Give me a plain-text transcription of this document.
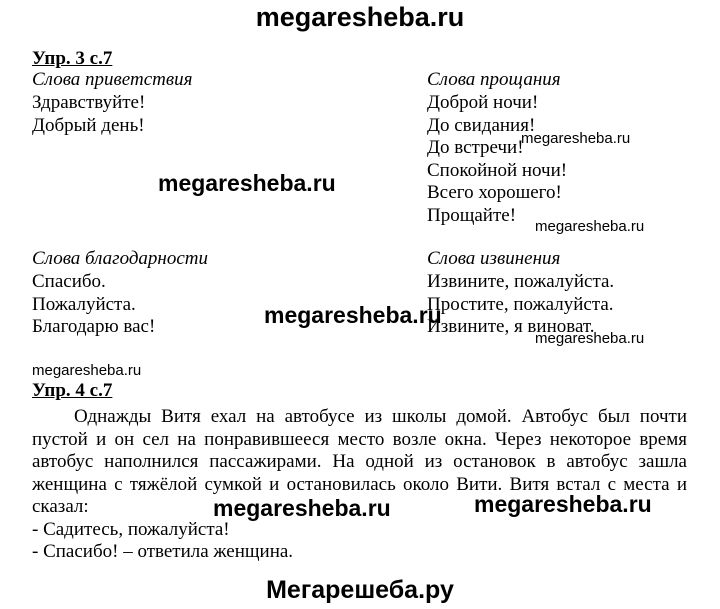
megaresheba.ru
Упр. 3 с.7
Слова приветствия
Здравствуйте!
Добрый день!
Слова прощания
Доброй ночи!
До свидания!
До встречи!
Спокойной ночи!
Всего хорошего!
Прощайте!
Слова благодарности
Спасибо.
Пожалуйста.
Благодарю вас!
Слова извинения
Извините, пожалуйста.
Простите, пожалуйста.
Извините, я виноват.
megaresheba.ru
megaresheba.ru
megaresheba.ru
megaresheba.ru
megaresheba.ru
megaresheba.ru
megaresheba.ru	megaresheba.ru
Упр. 4 с.7
Однажды Витя ехал на автобусе из школы домой. Автобус был почти пустой и он сел на понравившееся место возле окна. Через некоторое время автобус наполнился пассажирами. На одной из остановок в автобус зашла женщина с тяжёлой сумкой и остановилась около Вити. Витя встал с места и сказал:
- Садитесь, пожалуйста!
- Спасибо! – ответила женщина.
Мегарешеба.ру
